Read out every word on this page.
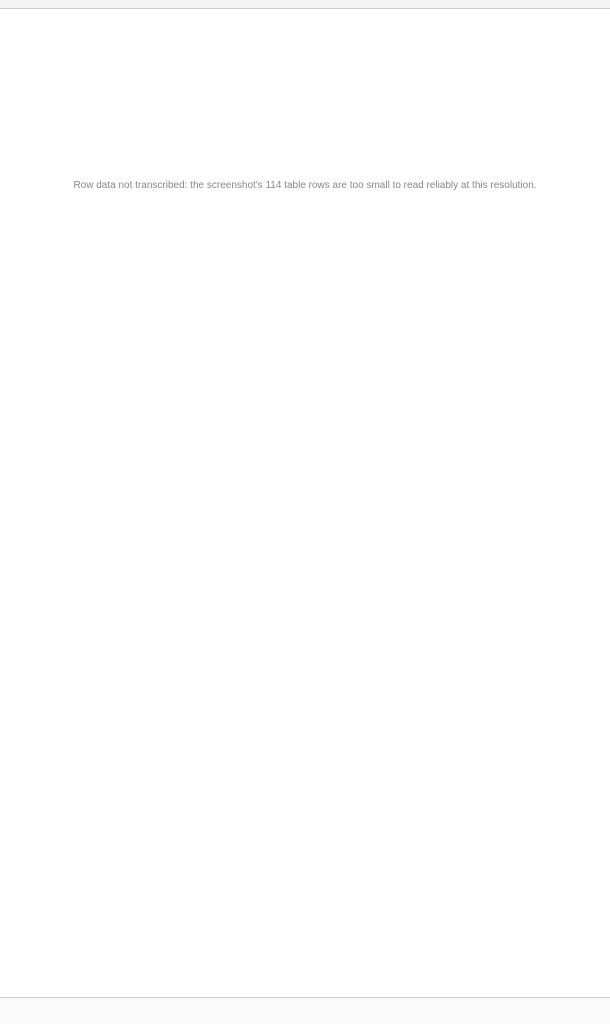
Row data not transcribed: the screenshot's 114 table rows are too small to read reliably at this resolution.
